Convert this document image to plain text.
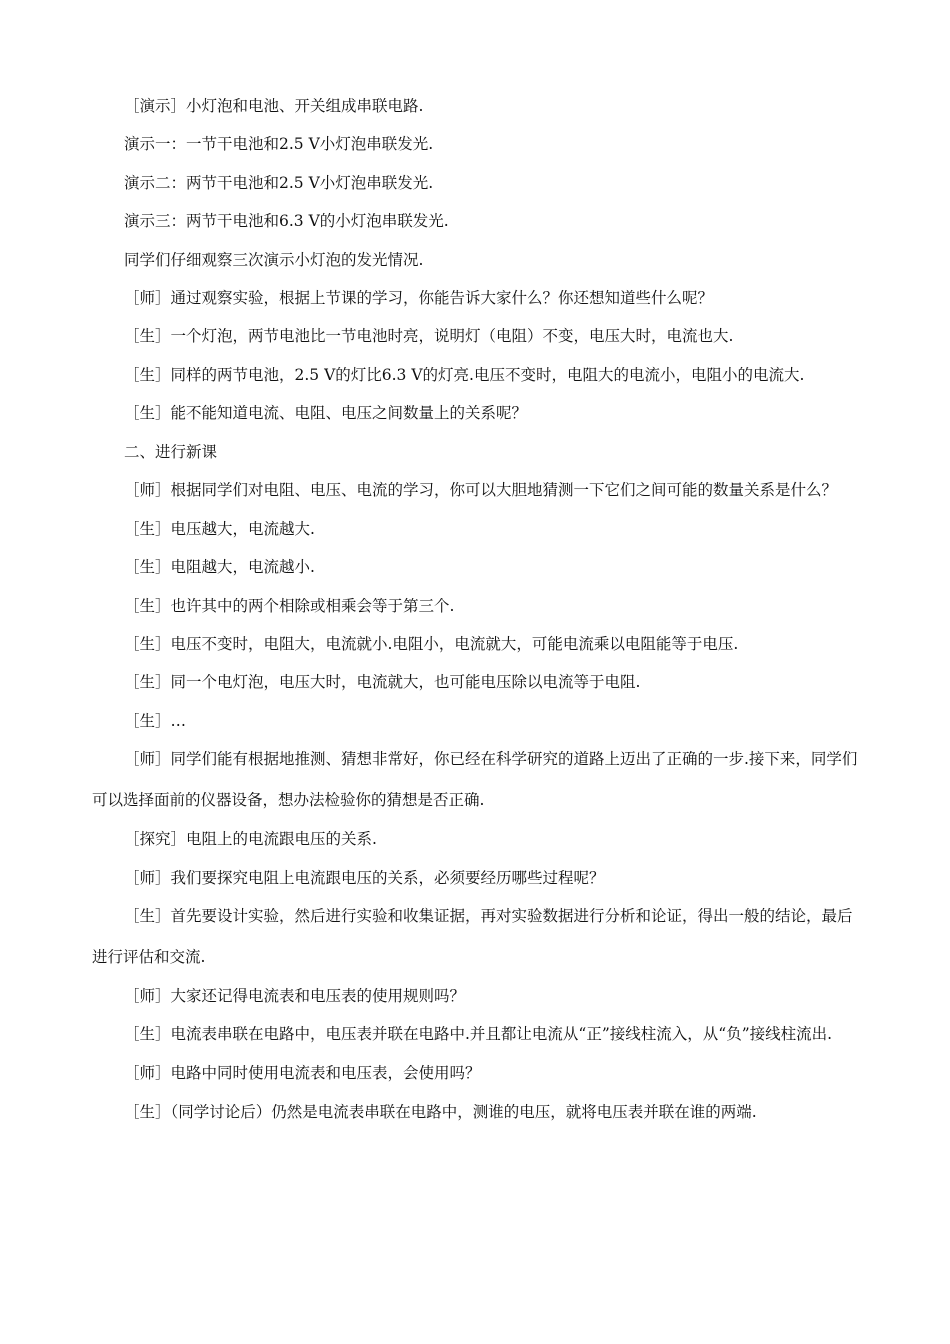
［演示］小灯泡和电池、开关组成串联电路.

演示一：一节干电池和2.5 V小灯泡串联发光.

演示二：两节干电池和2.5 V小灯泡串联发光.

演示三：两节干电池和6.3 V的小灯泡串联发光.

同学们仔细观察三次演示小灯泡的发光情况.

［师］通过观察实验，根据上节课的学习，你能告诉大家什么？你还想知道些什么呢？

［生］一个灯泡，两节电池比一节电池时亮，说明灯（电阻）不变，电压大时，电流也大.

［生］同样的两节电池，2.5 V的灯比6.3 V的灯亮.电压不变时，电阻大的电流小，电阻小的电流大.

［生］能不能知道电流、电阻、电压之间数量上的关系呢？

二、进行新课

［师］根据同学们对电阻、电压、电流的学习，你可以大胆地猜测一下它们之间可能的数量关系是什么？

［生］电压越大，电流越大.

［生］电阻越大，电流越小.

［生］也许其中的两个相除或相乘会等于第三个.

［生］电压不变时，电阻大，电流就小.电阻小，电流就大，可能电流乘以电阻能等于电压.

［生］同一个电灯泡，电压大时，电流就大，也可能电压除以电流等于电阻.

［生］…

［师］同学们能有根据地推测、猜想非常好，你已经在科学研究的道路上迈出了正确的一步.接下来，同学们可以选择面前的仪器设备，想办法检验你的猜想是否正确.

［探究］电阻上的电流跟电压的关系.

［师］我们要探究电阻上电流跟电压的关系，必须要经历哪些过程呢？

［生］首先要设计实验，然后进行实验和收集证据，再对实验数据进行分析和论证，得出一般的结论，最后进行评估和交流.

［师］大家还记得电流表和电压表的使用规则吗？

［生］电流表串联在电路中，电压表并联在电路中.并且都让电流从“正”接线柱流入，从“负”接线柱流出.

［师］电路中同时使用电流表和电压表，会使用吗？

［生］（同学讨论后）仍然是电流表串联在电路中，测谁的电压，就将电压表并联在谁的两端.
